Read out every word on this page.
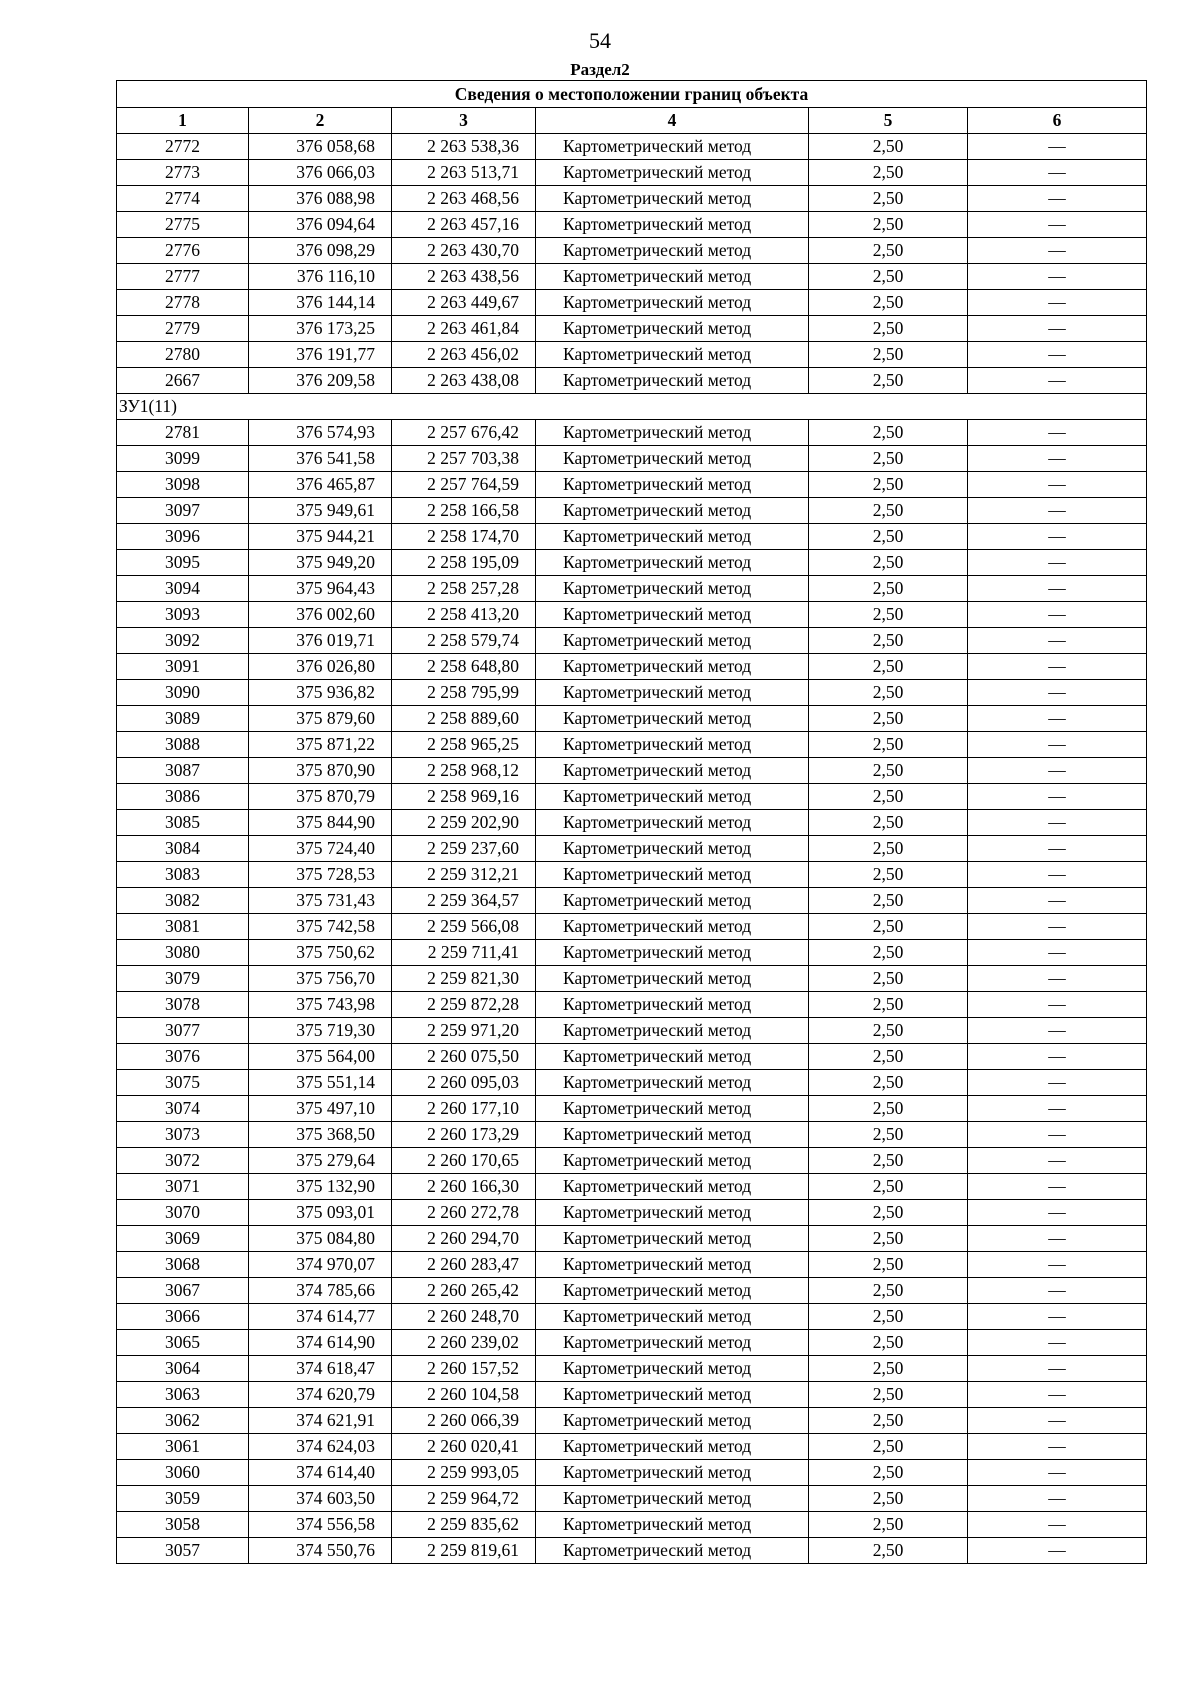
54
Раздел2
Сведения о местоположении границ объекта					
1	2	3	4	5	6
2772	376 058,68	2 263 538,36	Картометрический метод	2,50	—
2773	376 066,03	2 263 513,71	Картометрический метод	2,50	—
2774	376 088,98	2 263 468,56	Картометрический метод	2,50	—
2775	376 094,64	2 263 457,16	Картометрический метод	2,50	—
2776	376 098,29	2 263 430,70	Картометрический метод	2,50	—
2777	376 116,10	2 263 438,56	Картометрический метод	2,50	—
2778	376 144,14	2 263 449,67	Картометрический метод	2,50	—
2779	376 173,25	2 263 461,84	Картометрический метод	2,50	—
2780	376 191,77	2 263 456,02	Картометрический метод	2,50	—
2667	376 209,58	2 263 438,08	Картометрический метод	2,50	—
ЗУ1(11)					
2781	376 574,93	2 257 676,42	Картометрический метод	2,50	—
3099	376 541,58	2 257 703,38	Картометрический метод	2,50	—
3098	376 465,87	2 257 764,59	Картометрический метод	2,50	—
3097	375 949,61	2 258 166,58	Картометрический метод	2,50	—
3096	375 944,21	2 258 174,70	Картометрический метод	2,50	—
3095	375 949,20	2 258 195,09	Картометрический метод	2,50	—
3094	375 964,43	2 258 257,28	Картометрический метод	2,50	—
3093	376 002,60	2 258 413,20	Картометрический метод	2,50	—
3092	376 019,71	2 258 579,74	Картометрический метод	2,50	—
3091	376 026,80	2 258 648,80	Картометрический метод	2,50	—
3090	375 936,82	2 258 795,99	Картометрический метод	2,50	—
3089	375 879,60	2 258 889,60	Картометрический метод	2,50	—
3088	375 871,22	2 258 965,25	Картометрический метод	2,50	—
3087	375 870,90	2 258 968,12	Картометрический метод	2,50	—
3086	375 870,79	2 258 969,16	Картометрический метод	2,50	—
3085	375 844,90	2 259 202,90	Картометрический метод	2,50	—
3084	375 724,40	2 259 237,60	Картометрический метод	2,50	—
3083	375 728,53	2 259 312,21	Картометрический метод	2,50	—
3082	375 731,43	2 259 364,57	Картометрический метод	2,50	—
3081	375 742,58	2 259 566,08	Картометрический метод	2,50	—
3080	375 750,62	2 259 711,41	Картометрический метод	2,50	—
3079	375 756,70	2 259 821,30	Картометрический метод	2,50	—
3078	375 743,98	2 259 872,28	Картометрический метод	2,50	—
3077	375 719,30	2 259 971,20	Картометрический метод	2,50	—
3076	375 564,00	2 260 075,50	Картометрический метод	2,50	—
3075	375 551,14	2 260 095,03	Картометрический метод	2,50	—
3074	375 497,10	2 260 177,10	Картометрический метод	2,50	—
3073	375 368,50	2 260 173,29	Картометрический метод	2,50	—
3072	375 279,64	2 260 170,65	Картометрический метод	2,50	—
3071	375 132,90	2 260 166,30	Картометрический метод	2,50	—
3070	375 093,01	2 260 272,78	Картометрический метод	2,50	—
3069	375 084,80	2 260 294,70	Картометрический метод	2,50	—
3068	374 970,07	2 260 283,47	Картометрический метод	2,50	—
3067	374 785,66	2 260 265,42	Картометрический метод	2,50	—
3066	374 614,77	2 260 248,70	Картометрический метод	2,50	—
3065	374 614,90	2 260 239,02	Картометрический метод	2,50	—
3064	374 618,47	2 260 157,52	Картометрический метод	2,50	—
3063	374 620,79	2 260 104,58	Картометрический метод	2,50	—
3062	374 621,91	2 260 066,39	Картометрический метод	2,50	—
3061	374 624,03	2 260 020,41	Картометрический метод	2,50	—
3060	374 614,40	2 259 993,05	Картометрический метод	2,50	—
3059	374 603,50	2 259 964,72	Картометрический метод	2,50	—
3058	374 556,58	2 259 835,62	Картометрический метод	2,50	—
3057	374 550,76	2 259 819,61	Картометрический метод	2,50	—
